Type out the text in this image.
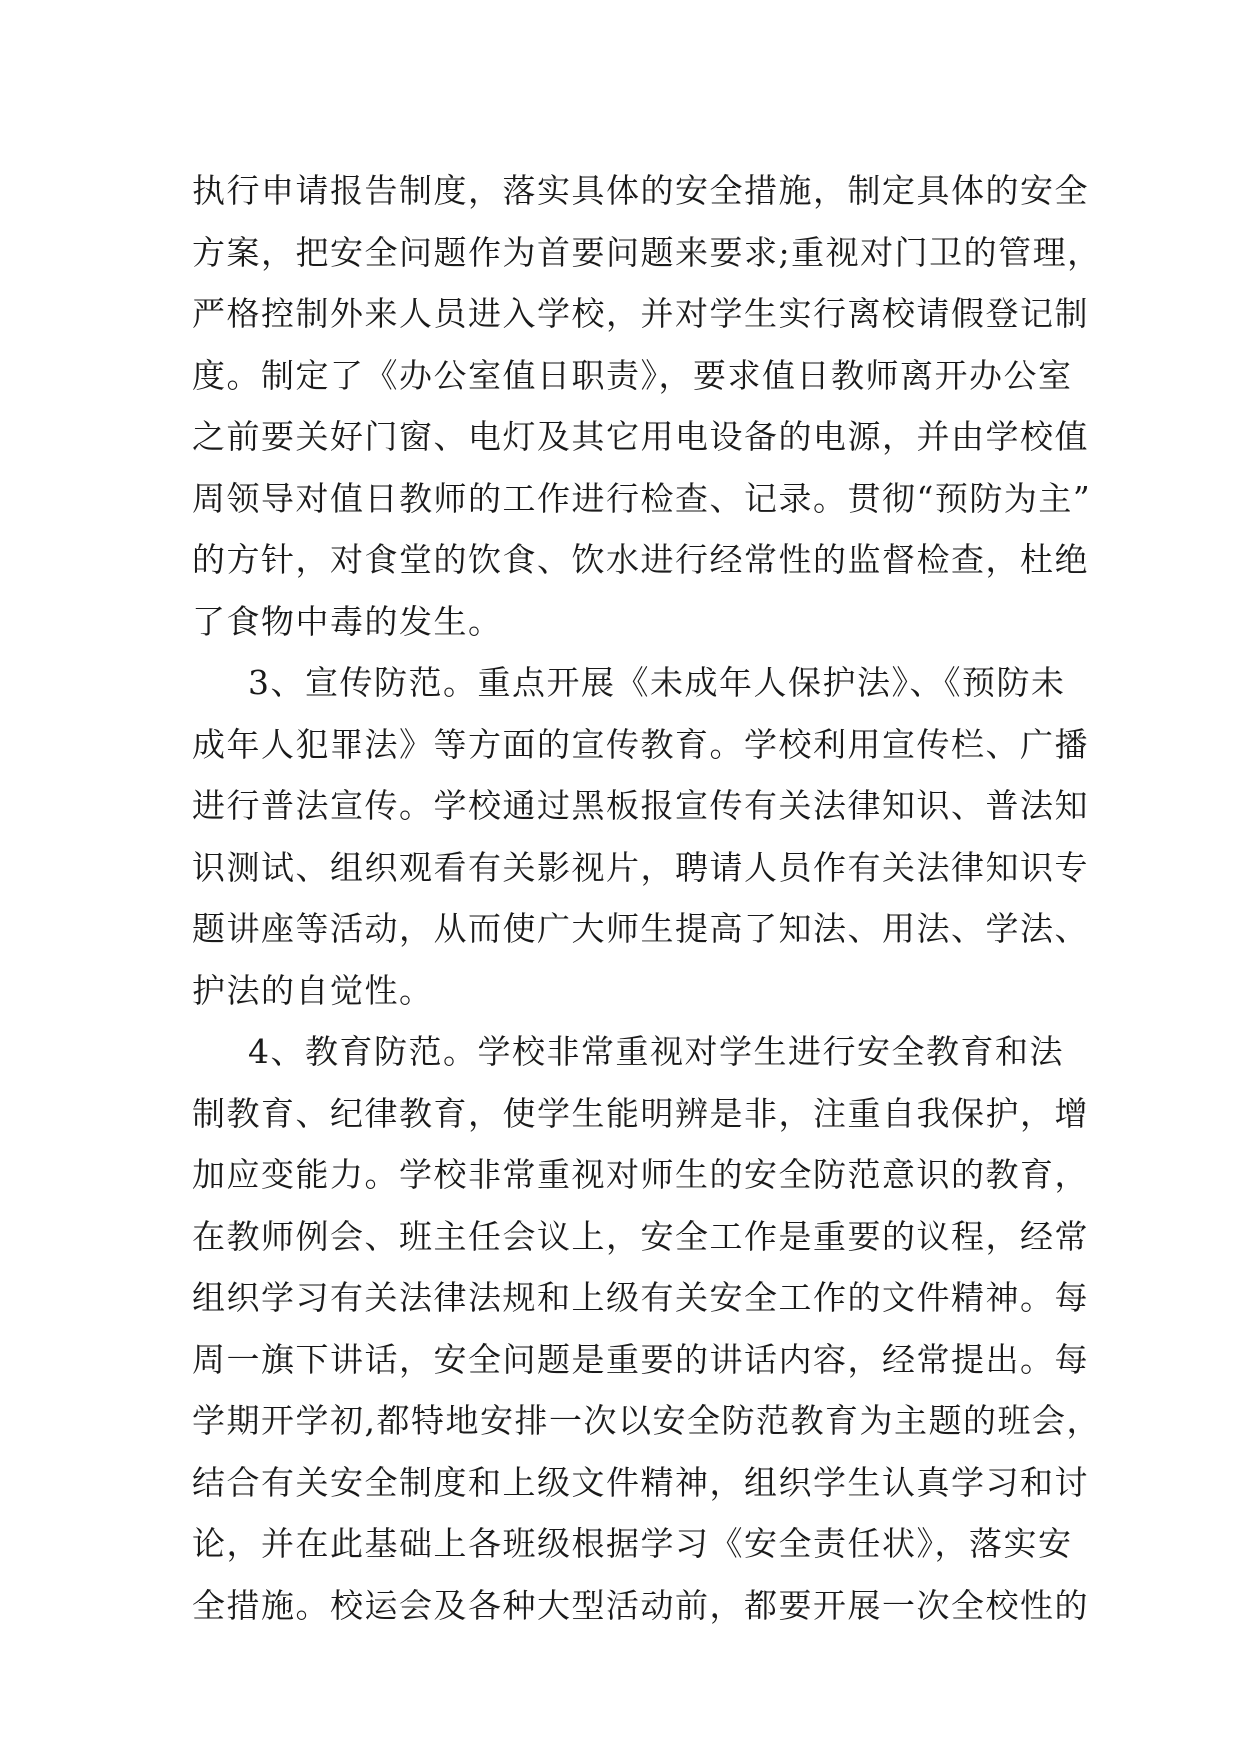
执行申请报告制度，落实具体的安全措施，制定具体的安全
方案，把安全问题作为首要问题来要求;重视对门卫的管理，
严格控制外来人员进入学校，并对学生实行离校请假登记制
度。制定了《办公室值日职责》，要求值日教师离开办公室
之前要关好门窗、电灯及其它用电设备的电源，并由学校值
周领导对值日教师的工作进行检查、记录。贯彻“预防为主”
的方针，对食堂的饮食、饮水进行经常性的监督检查，杜绝
了食物中毒的发生。
3、宣传防范。重点开展《未成年人保护法》、《预防未
成年人犯罪法》等方面的宣传教育。学校利用宣传栏、广播
进行普法宣传。学校通过黑板报宣传有关法律知识、普法知
识测试、组织观看有关影视片，聘请人员作有关法律知识专
题讲座等活动，从而使广大师生提高了知法、用法、学法、
护法的自觉性。
4、教育防范。学校非常重视对学生进行安全教育和法
制教育、纪律教育，使学生能明辨是非，注重自我保护，增
加应变能力。学校非常重视对师生的安全防范意识的教育，
在教师例会、班主任会议上，安全工作是重要的议程，经常
组织学习有关法律法规和上级有关安全工作的文件精神。每
周一旗下讲话，安全问题是重要的讲话内容，经常提出。每
学期开学初,都特地安排一次以安全防范教育为主题的班会，
结合有关安全制度和上级文件精神，组织学生认真学习和讨
论，并在此基础上各班级根据学习《安全责任状》，落实安
全措施。校运会及各种大型活动前，都要开展一次全校性的
